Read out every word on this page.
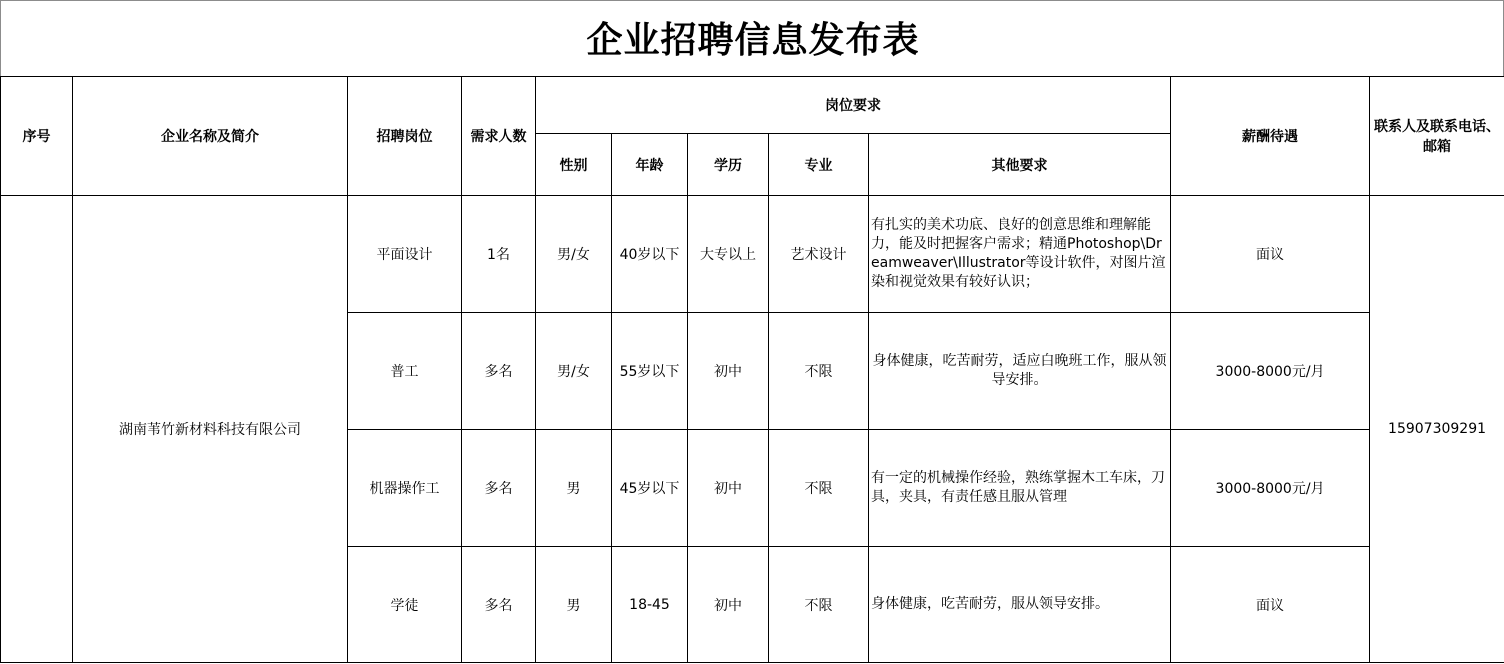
企业招聘信息发布表
序号	企业名称及简介	招聘岗位	需求人数	岗位要求					薪酬待遇	联系人及联系电话、邮箱
				性别	年龄	学历	专业	其他要求		
	湖南苇竹新材料科技有限公司	平面设计	1名	男/女	40岁以下	大专以上	艺术设计	有扎实的美术功底、良好的创意思维和理解能力，能及时把握客户需求；精通Photoshop\Dreamweaver\Illustrator等设计软件，对图片渲染和视觉效果有较好认识；	面议	15907309291
		普工	多名	男/女	55岁以下	初中	不限	身体健康，吃苦耐劳，适应白晚班工作，服从领导安排。	3000-8000元/月	
		机器操作工	多名	男	45岁以下	初中	不限	有一定的机械操作经验，熟练掌握木工车床，刀具，夹具，有责任感且服从管理	3000-8000元/月	
		学徒	多名	男	18-45	初中	不限	身体健康，吃苦耐劳，服从领导安排。	面议	
